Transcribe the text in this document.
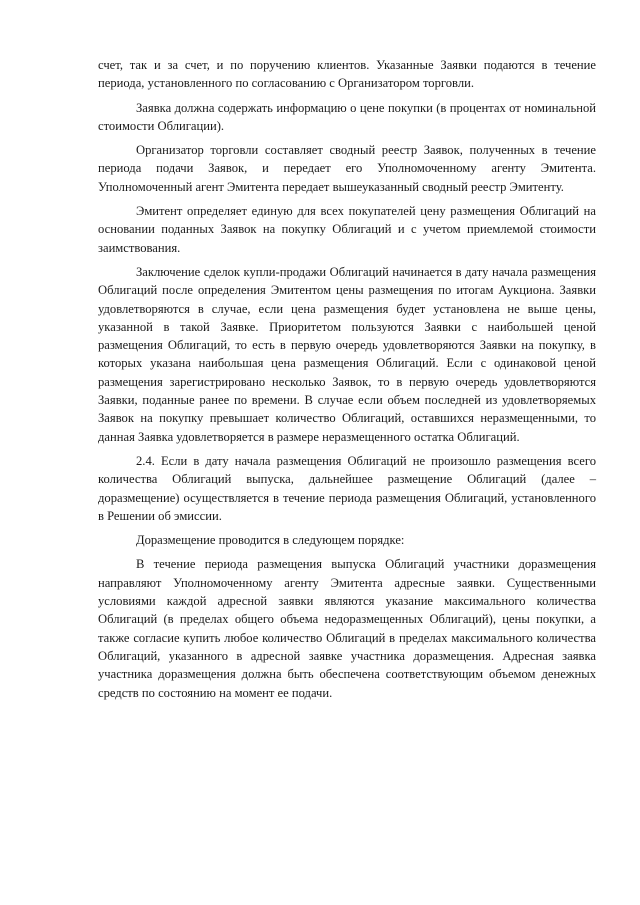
счет, так и за счет, и по поручению клиентов. Указанные Заявки подаются в течение периода, установленного по согласованию с Организатором торговли.

Заявка должна содержать информацию о цене покупки (в процентах от номинальной стоимости Облигации).

Организатор торговли составляет сводный реестр Заявок, полученных в течение периода подачи Заявок, и передает его Уполномоченному агенту Эмитента. Уполномоченный агент Эмитента передает вышеуказанный сводный реестр Эмитенту.

Эмитент определяет единую для всех покупателей цену размещения Облигаций на основании поданных Заявок на покупку Облигаций и с учетом приемлемой стоимости заимствования.

Заключение сделок купли-продажи Облигаций начинается в дату начала размещения Облигаций после определения Эмитентом цены размещения по итогам Аукциона. Заявки удовлетворяются в случае, если цена размещения будет установлена не выше цены, указанной в такой Заявке. Приоритетом пользуются Заявки с наибольшей ценой размещения Облигаций, то есть в первую очередь удовлетворяются Заявки на покупку, в которых указана наибольшая цена размещения Облигаций. Если с одинаковой ценой размещения зарегистрировано несколько Заявок, то в первую очередь удовлетворяются Заявки, поданные ранее по времени. В случае если объем последней из удовлетворяемых Заявок на покупку превышает количество Облигаций, оставшихся неразмещенными, то данная Заявка удовлетворяется в размере неразмещенного остатка Облигаций.

2.4. Если в дату начала размещения Облигаций не произошло размещения всего количества Облигаций выпуска, дальнейшее размещение Облигаций (далее – доразмещение) осуществляется в течение периода размещения Облигаций, установленного в Решении об эмиссии.

Доразмещение проводится в следующем порядке:

В течение периода размещения выпуска Облигаций участники доразмещения направляют Уполномоченному агенту Эмитента адресные заявки. Существенными условиями каждой адресной заявки являются указание максимального количества Облигаций (в пределах общего объема недоразмещенных Облигаций), цены покупки, а также согласие купить любое количество Облигаций в пределах максимального количества Облигаций, указанного в адресной заявке участника доразмещения. Адресная заявка участника доразмещения должна быть обеспечена соответствующим объемом денежных средств по состоянию на момент ее подачи.
